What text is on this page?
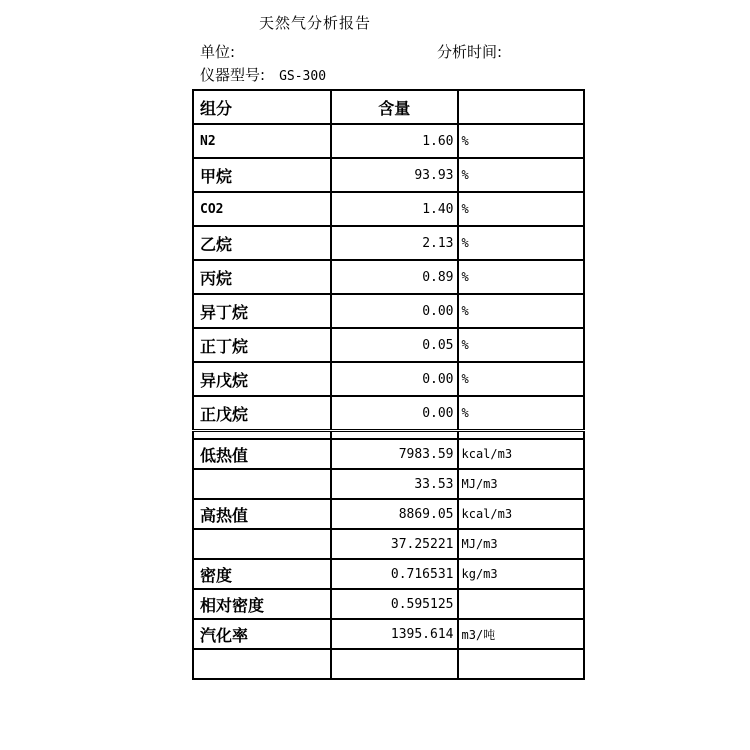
天然气分析报告
单位:	分析时间:
仪器型号: GS-300
组分	含量	
N2	1.60	%
甲烷	93.93	%
CO2	1.40	%
乙烷	2.13	%
丙烷	0.89	%
异丁烷	0.00	%
正丁烷	0.05	%
异戊烷	0.00	%
正戊烷	0.00	%

低热值	7983.59	kcal/m3
	33.53	MJ/m3
高热值	8869.05	kcal/m3
	37.25221	MJ/m3
密度	0.716531	kg/m3
相对密度	0.595125	
汽化率	1395.614	m3/吨
